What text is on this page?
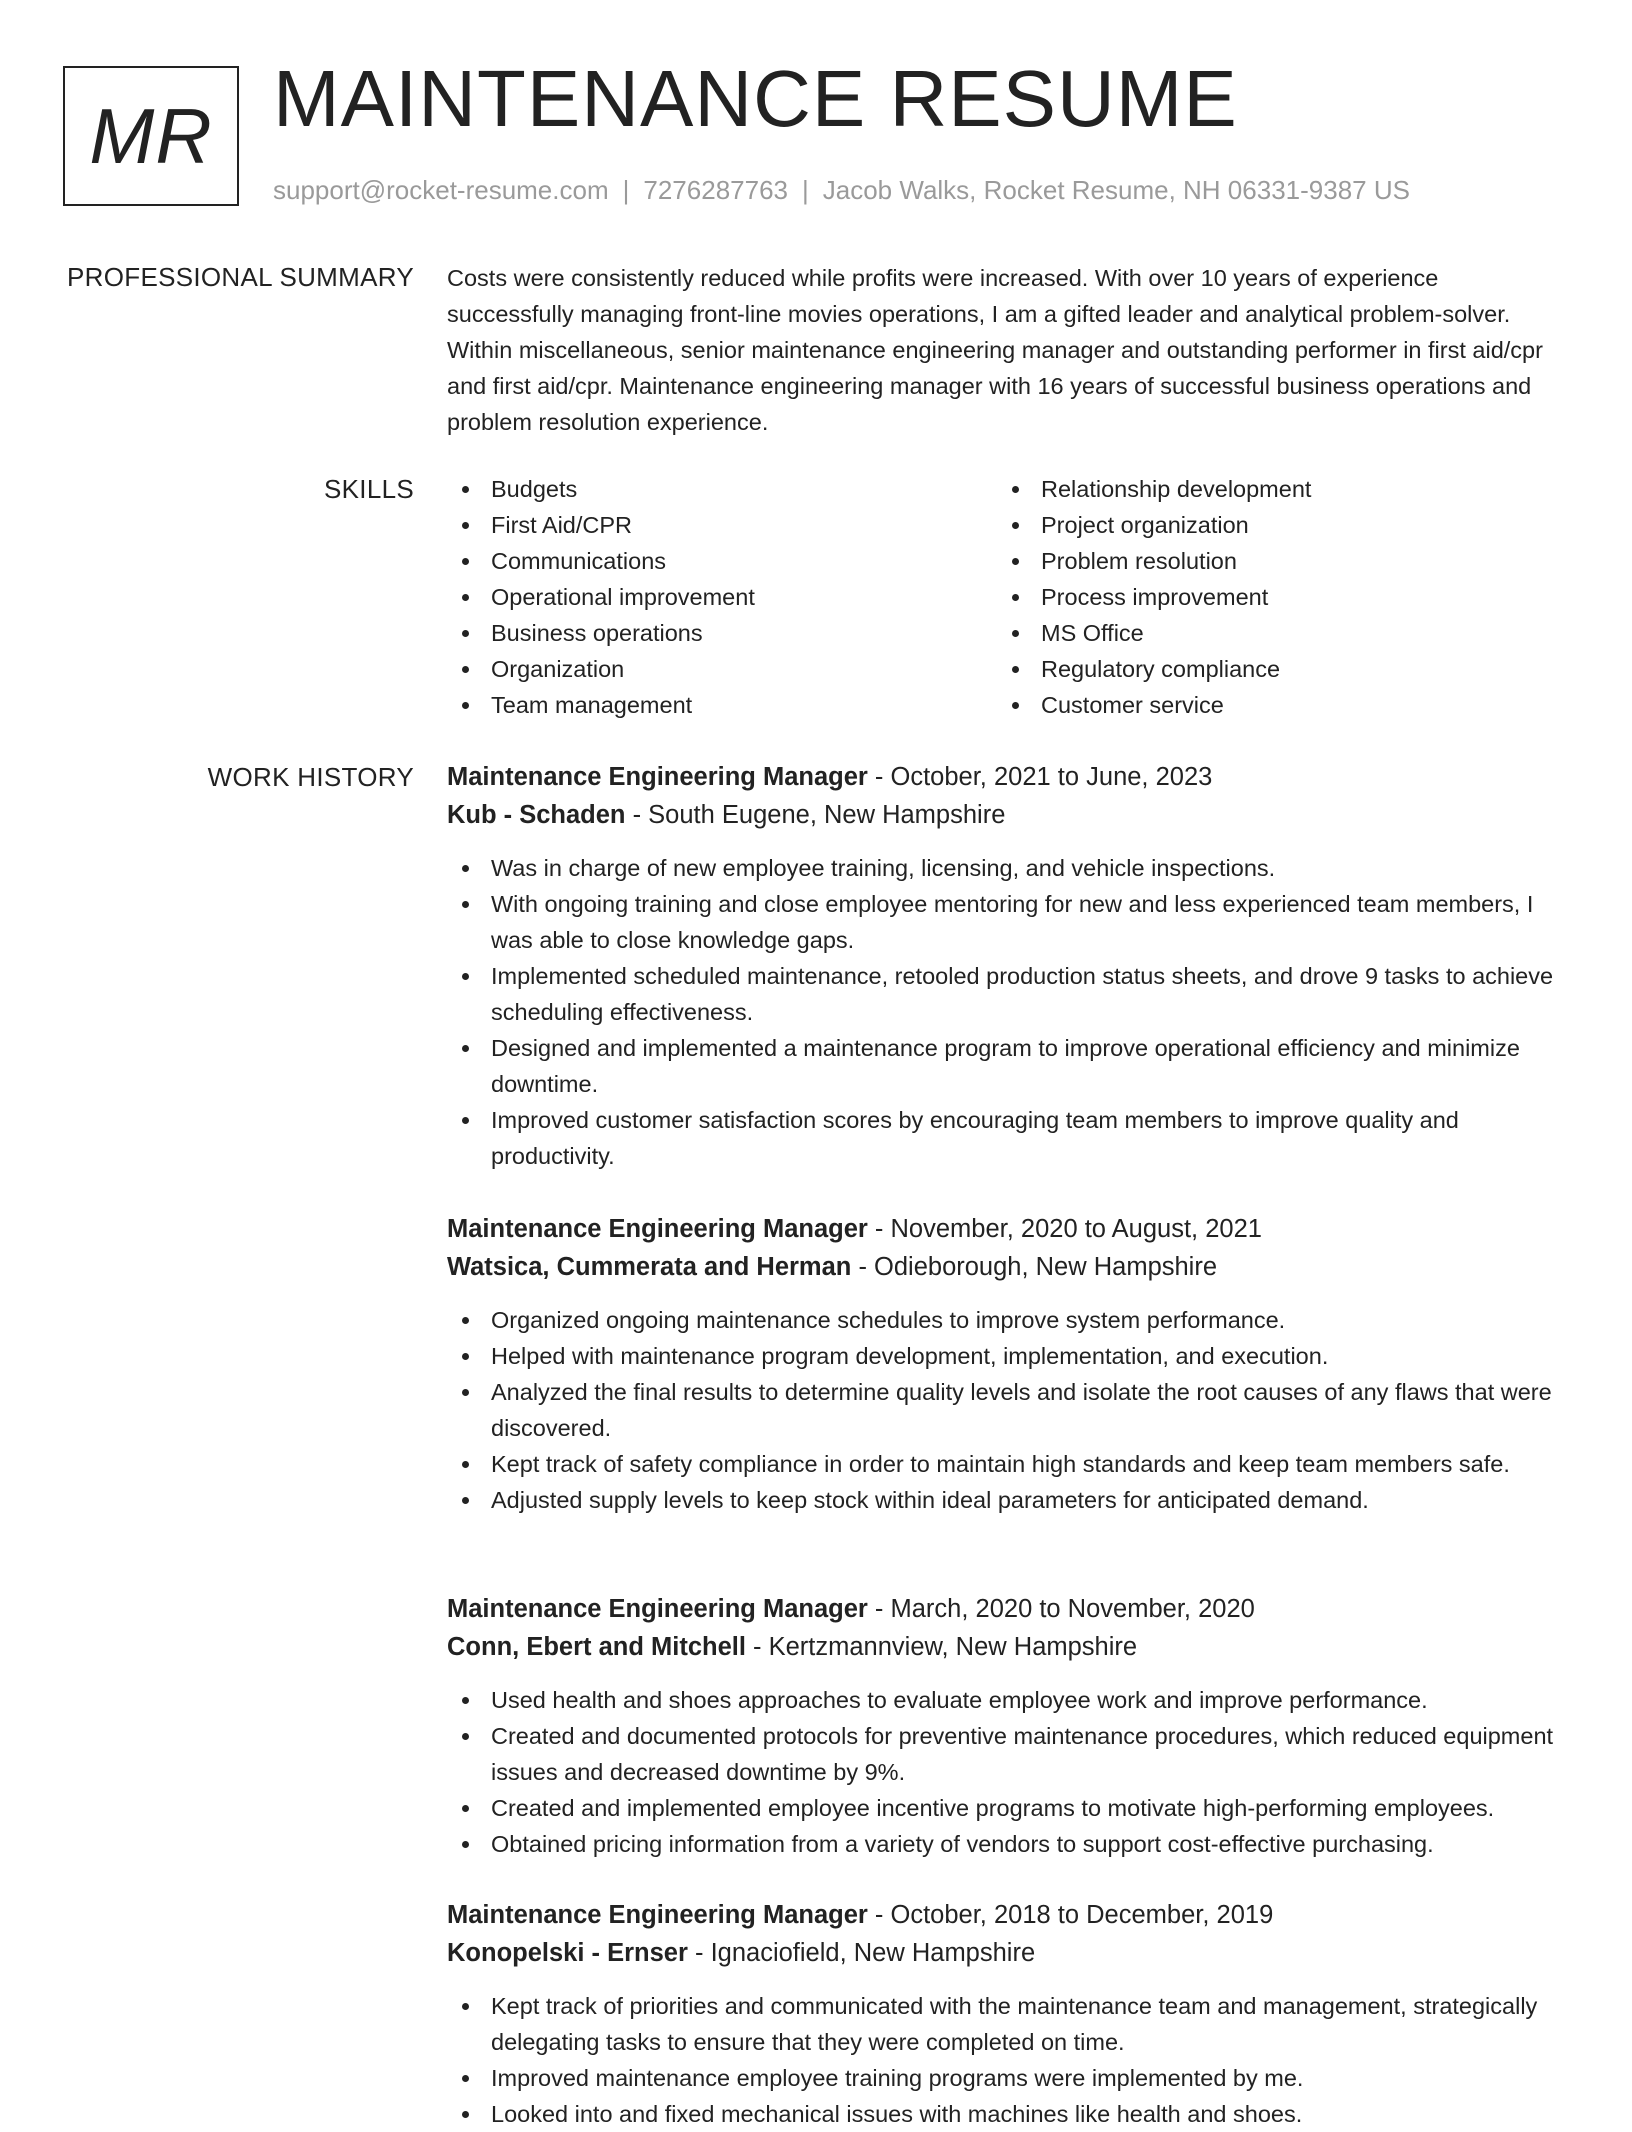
MR MAINTENANCE RESUME
support@rocket-resume.com | 7276287763 | Jacob Walks, Rocket Resume, NH 06331-9387 US
PROFESSIONAL SUMMARY Costs were consistently reduced while profits were increased. With over 10 years of experience successfully managing front-line movies operations, I am a gifted leader and analytical problem-solver. Within miscellaneous, senior maintenance engineering manager and outstanding performer in first aid/cpr and first aid/cpr. Maintenance engineering manager with 16 years of successful business operations and problem resolution experience.

SKILLS	Budgets
First Aid/CPR
Communications
Operational improvement
Business operations
Organization
Team management
Relationship development
Project organization
Problem resolution
Process improvement
MS Office
Regulatory compliance
Customer service
WORK HISTORY Maintenance Engineering Manager - October, 2021 to June, 2023
Kub - Schaden - South Eugene, New Hampshire
Was in charge of new employee training, licensing, and vehicle inspections.
With ongoing training and close employee mentoring for new and less experienced team members, I was able to close knowledge gaps.
Implemented scheduled maintenance, retooled production status sheets, and drove 9 tasks to achieve scheduling effectiveness.
Designed and implemented a maintenance program to improve operational efficiency and minimize downtime.
Improved customer satisfaction scores by encouraging team members to improve quality and productivity.
Maintenance Engineering Manager - November, 2020 to August, 2021
Watsica, Cummerata and Herman - Odieborough, New Hampshire
Organized ongoing maintenance schedules to improve system performance.
Helped with maintenance program development, implementation, and execution.
Analyzed the final results to determine quality levels and isolate the root causes of any flaws that were discovered.
Kept track of safety compliance in order to maintain high standards and keep team members safe.
Adjusted supply levels to keep stock within ideal parameters for anticipated demand.
Maintenance Engineering Manager - March, 2020 to November, 2020
Conn, Ebert and Mitchell - Kertzmannview, New Hampshire
Used health and shoes approaches to evaluate employee work and improve performance.
Created and documented protocols for preventive maintenance procedures, which reduced equipment issues and decreased downtime by 9%.
Created and implemented employee incentive programs to motivate high-performing employees.
Obtained pricing information from a variety of vendors to support cost-effective purchasing.
Maintenance Engineering Manager - October, 2018 to December, 2019
Konopelski - Ernser - Ignaciofield, New Hampshire
Kept track of priorities and communicated with the maintenance team and management, strategically delegating tasks to ensure that they were completed on time.
Improved maintenance employee training programs were implemented by me.
Looked into and fixed mechanical issues with machines like health and shoes.
